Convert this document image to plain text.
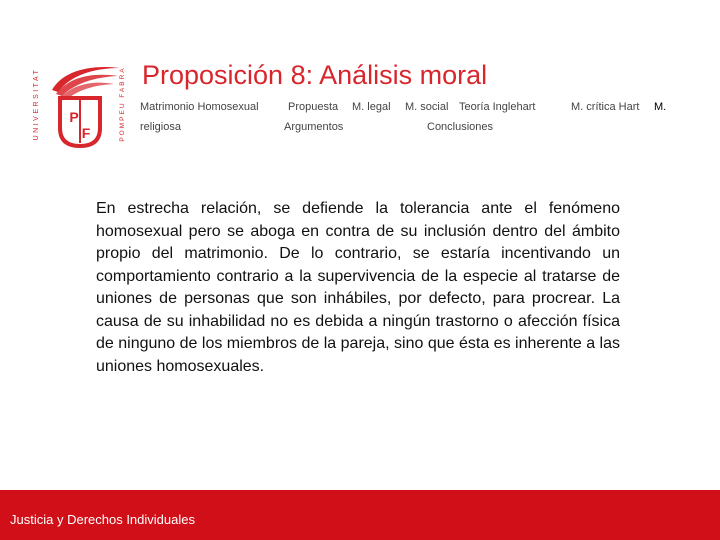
UNIVERSITAT P
F	POMPEU FABRA Proposición 8: Análisis moral
Matrimonio Homosexual
religiosa
Propuesta
Argumentos
M. legal M. social Teoría Inglehart
Conclusiones
M. crítica Hart M.
En estrecha relación, se defiende la tolerancia ante el fenómeno homosexual pero se aboga en contra de su inclusión dentro del ámbito propio del matrimonio. De lo contrario, se estaría incentivando un comportamiento contrario a la supervivencia de la especie al tratarse de uniones de personas que son inhábiles, por defecto, para procrear. La causa de su inhabilidad no es debida a ningún trastorno o afección física de ninguno de los miembros de la pareja, sino que ésta es inherente a las uniones homosexuales.
Justicia y Derechos Individuales
